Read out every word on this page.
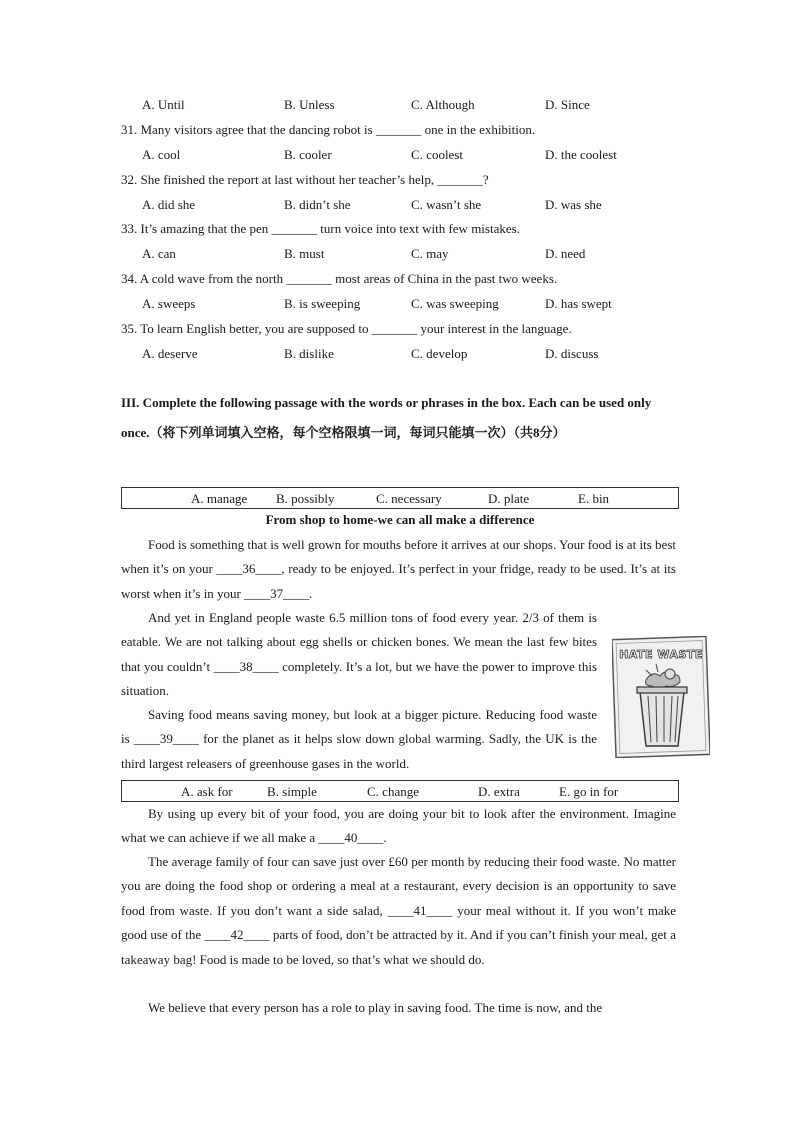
A. Until	B. Unless	C. Although	D. Since
31. Many visitors agree that the dancing robot is _______ one in the exhibition.
A. cool	B. cooler	C. coolest	D. the coolest
32. She finished the report at last without her teacher’s help, _______?
A. did she	B. didn’t she	C. wasn’t she	D. was she
33. It’s amazing that the pen _______ turn voice into text with few mistakes.
A. can	B. must	C. may	D. need
34. A cold wave from the north _______ most areas of China in the past two weeks.
A. sweeps	B. is sweeping	C. was sweeping	D. has swept
35. To learn English better, you are supposed to _______ your interest in the language.
A. deserve	B. dislike	C. develop	D. discuss
III. Complete the following passage with the words or phrases in the box. Each can be used only once.（将下列单词填入空格，每个空格限填一词，每词只能填一次）（共8分）
A. manage B. possibly	C. necessary	D. plate	E. bin
From shop to home-we can all make a difference
Food is something that is well grown for mouths before it arrives at our shops. Your food is at its best when it’s on your ____36____, ready to be enjoyed. It’s perfect in your fridge, ready to be used. It’s at its worst when it’s in your ____37____.
And yet in England people waste 6.5 million tons of food every year. 2/3 of them is eatable. We are not talking about egg shells or chicken bones. We mean the last few bites that you couldn’t ____38____ completely. It’s a lot, but we have the power to improve this situation.
Saving food means saving money, but look at a bigger picture. Reducing food waste is ____39____ for the planet as it helps slow down global warming. Sadly, the UK is the third largest releasers of greenhouse gases in the world.
HATE WASTE
A. ask for	B. simple	C. change	D. extra	E. go in for
By using up every bit of your food, you are doing your bit to look after the environment. Imagine what we can achieve if we all make a ____40____.
The average family of four can save just over £60 per month by reducing their food waste. No matter you are doing the food shop or ordering a meal at a restaurant, every decision is an opportunity to save food from waste. If you don’t want a side salad, ____41____ your meal without it. If you won’t make good use of the ____42____ parts of food, don’t be attracted by it. And if you can’t finish your meal, get a takeaway bag! Food is made to be loved, so that’s what we should do.
We believe that every person has a role to play in saving food. The time is now, and the
